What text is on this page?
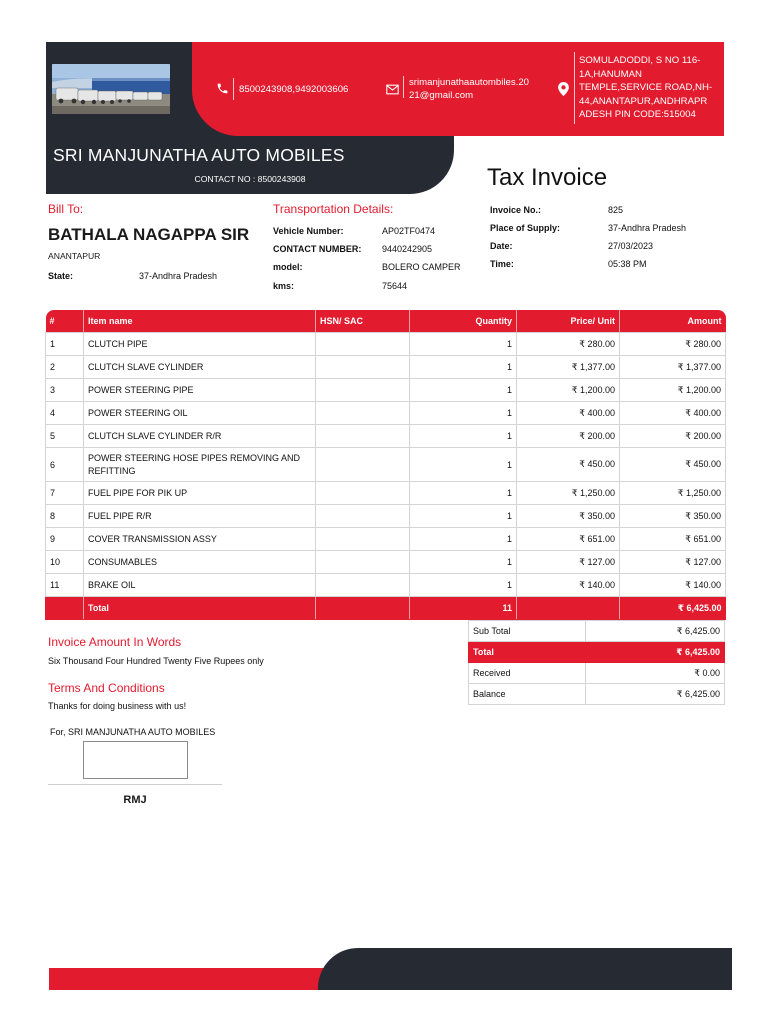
8500243908,9492003606
srimanjunathaautombiles.20
21@gmail.com
SOMULADODDI, S NO 116-
1A,HANUMAN
TEMPLE,SERVICE ROAD,NH-
44,ANANTAPUR,ANDHRAPR
ADESH PIN CODE:515004
SRI MANJUNATHA AUTO MOBILES
CONTACT NO : 8500243908	Tax Invoice
Bill To:
BATHALA NAGAPPA SIR
ANANTAPUR
State:	37-Andhra Pradesh
Transportation Details:
Vehicle Number:	AP02TF0474
CONTACT NUMBER: 9440242905
model:	BOLERO CAMPER
kms:	75644
Invoice No.:	825
Place of Supply:	37-Andhra Pradesh
Date:	27/03/2023
Time:	05:38 PM
#	Item name	HSN/ SAC	Quantity	Price/ Unit	Amount
1	CLUTCH PIPE		1	₹ 280.00	₹ 280.00
2	CLUTCH SLAVE CYLINDER		1	₹ 1,377.00	₹ 1,377.00
3	POWER STEERING PIPE		1	₹ 1,200.00	₹ 1,200.00
4	POWER STEERING OIL		1	₹ 400.00	₹ 400.00
5	CLUTCH SLAVE CYLINDER R/R		1	₹ 200.00	₹ 200.00
6	POWER STEERING HOSE PIPES REMOVING AND REFITTING		1	₹ 450.00	₹ 450.00
7	FUEL PIPE FOR PIK UP		1	₹ 1,250.00	₹ 1,250.00
8	FUEL PIPE R/R		1	₹ 350.00	₹ 350.00
9	COVER TRANSMISSION ASSY		1	₹ 651.00	₹ 651.00
10	CONSUMABLES		1	₹ 127.00	₹ 127.00
11	BRAKE OIL		1	₹ 140.00	₹ 140.00
	Total		11		₹ 6,425.00
Sub Total	₹ 6,425.00
Total	₹ 6,425.00
Received	₹ 0.00
Balance	₹ 6,425.00
Invoice Amount In Words
Six Thousand Four Hundred Twenty Five Rupees only
Terms And Conditions
Thanks for doing business with us!
For, SRI MANJUNATHA AUTO MOBILES
RMJ
